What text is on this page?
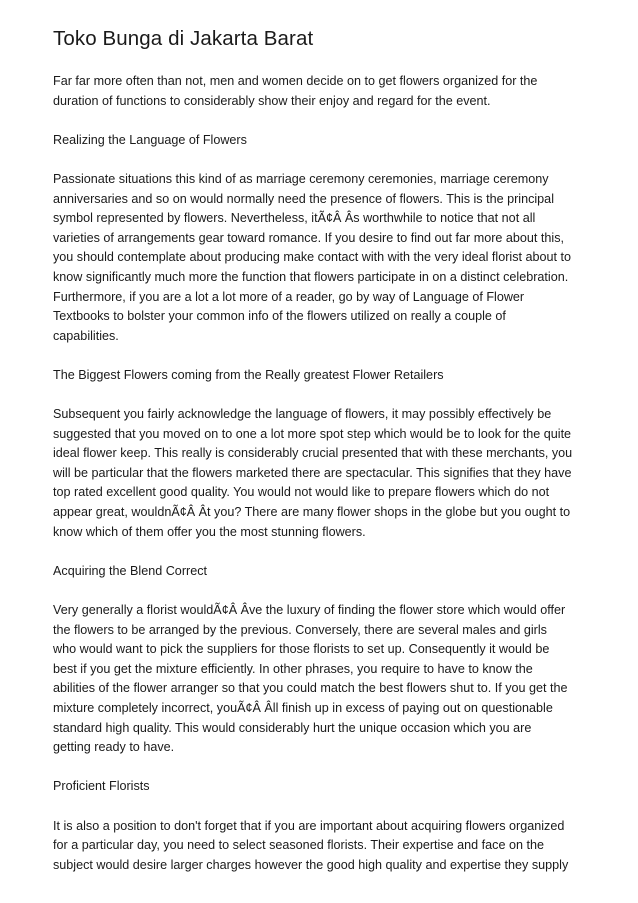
Toko Bunga di Jakarta Barat
Far far more often than not, men and women decide on to get flowers organized for the
duration of functions to considerably show their enjoy and regard for the event.
Realizing the Language of Flowers
Passionate situations this kind of as marriage ceremony ceremonies, marriage ceremony
anniversaries and so on would normally need the presence of flowers. This is the principal
symbol represented by flowers. Nevertheless, itÃ¢Â Âs worthwhile to notice that not all
varieties of arrangements gear toward romance. If you desire to find out far more about this,
you should contemplate about producing make contact with with the very ideal florist about to
know significantly much more the function that flowers participate in on a distinct celebration.
Furthermore, if you are a lot a lot more of a reader, go by way of Language of Flower
Textbooks to bolster your common info of the flowers utilized on really a couple of
capabilities.
The Biggest Flowers coming from the Really greatest Flower Retailers
Subsequent you fairly acknowledge the language of flowers, it may possibly effectively be
suggested that you moved on to one a lot more spot step which would be to look for the quite
ideal flower keep. This really is considerably crucial presented that with these merchants, you
will be particular that the flowers marketed there are spectacular. This signifies that they have
top rated excellent good quality. You would not would like to prepare flowers which do not
appear great, wouldnÃ¢Â Ât you? There are many flower shops in the globe but you ought to
know which of them offer you the most stunning flowers.
Acquiring the Blend Correct
Very generally a florist wouldÃ¢Â Âve the luxury of finding the flower store which would offer
the flowers to be arranged by the previous. Conversely, there are several males and girls
who would want to pick the suppliers for those florists to set up. Consequently it would be
best if you get the mixture efficiently. In other phrases, you require to have to know the
abilities of the flower arranger so that you could match the best flowers shut to. If you get the
mixture completely incorrect, youÃ¢Â Âll finish up in excess of paying out on questionable
standard high quality. This would considerably hurt the unique occasion which you are
getting ready to have.
Proficient Florists
It is also a position to don't forget that if you are important about acquiring flowers organized
for a particular day, you need to select seasoned florists. Their expertise and face on the
subject would desire larger charges however the good high quality and expertise they supply
